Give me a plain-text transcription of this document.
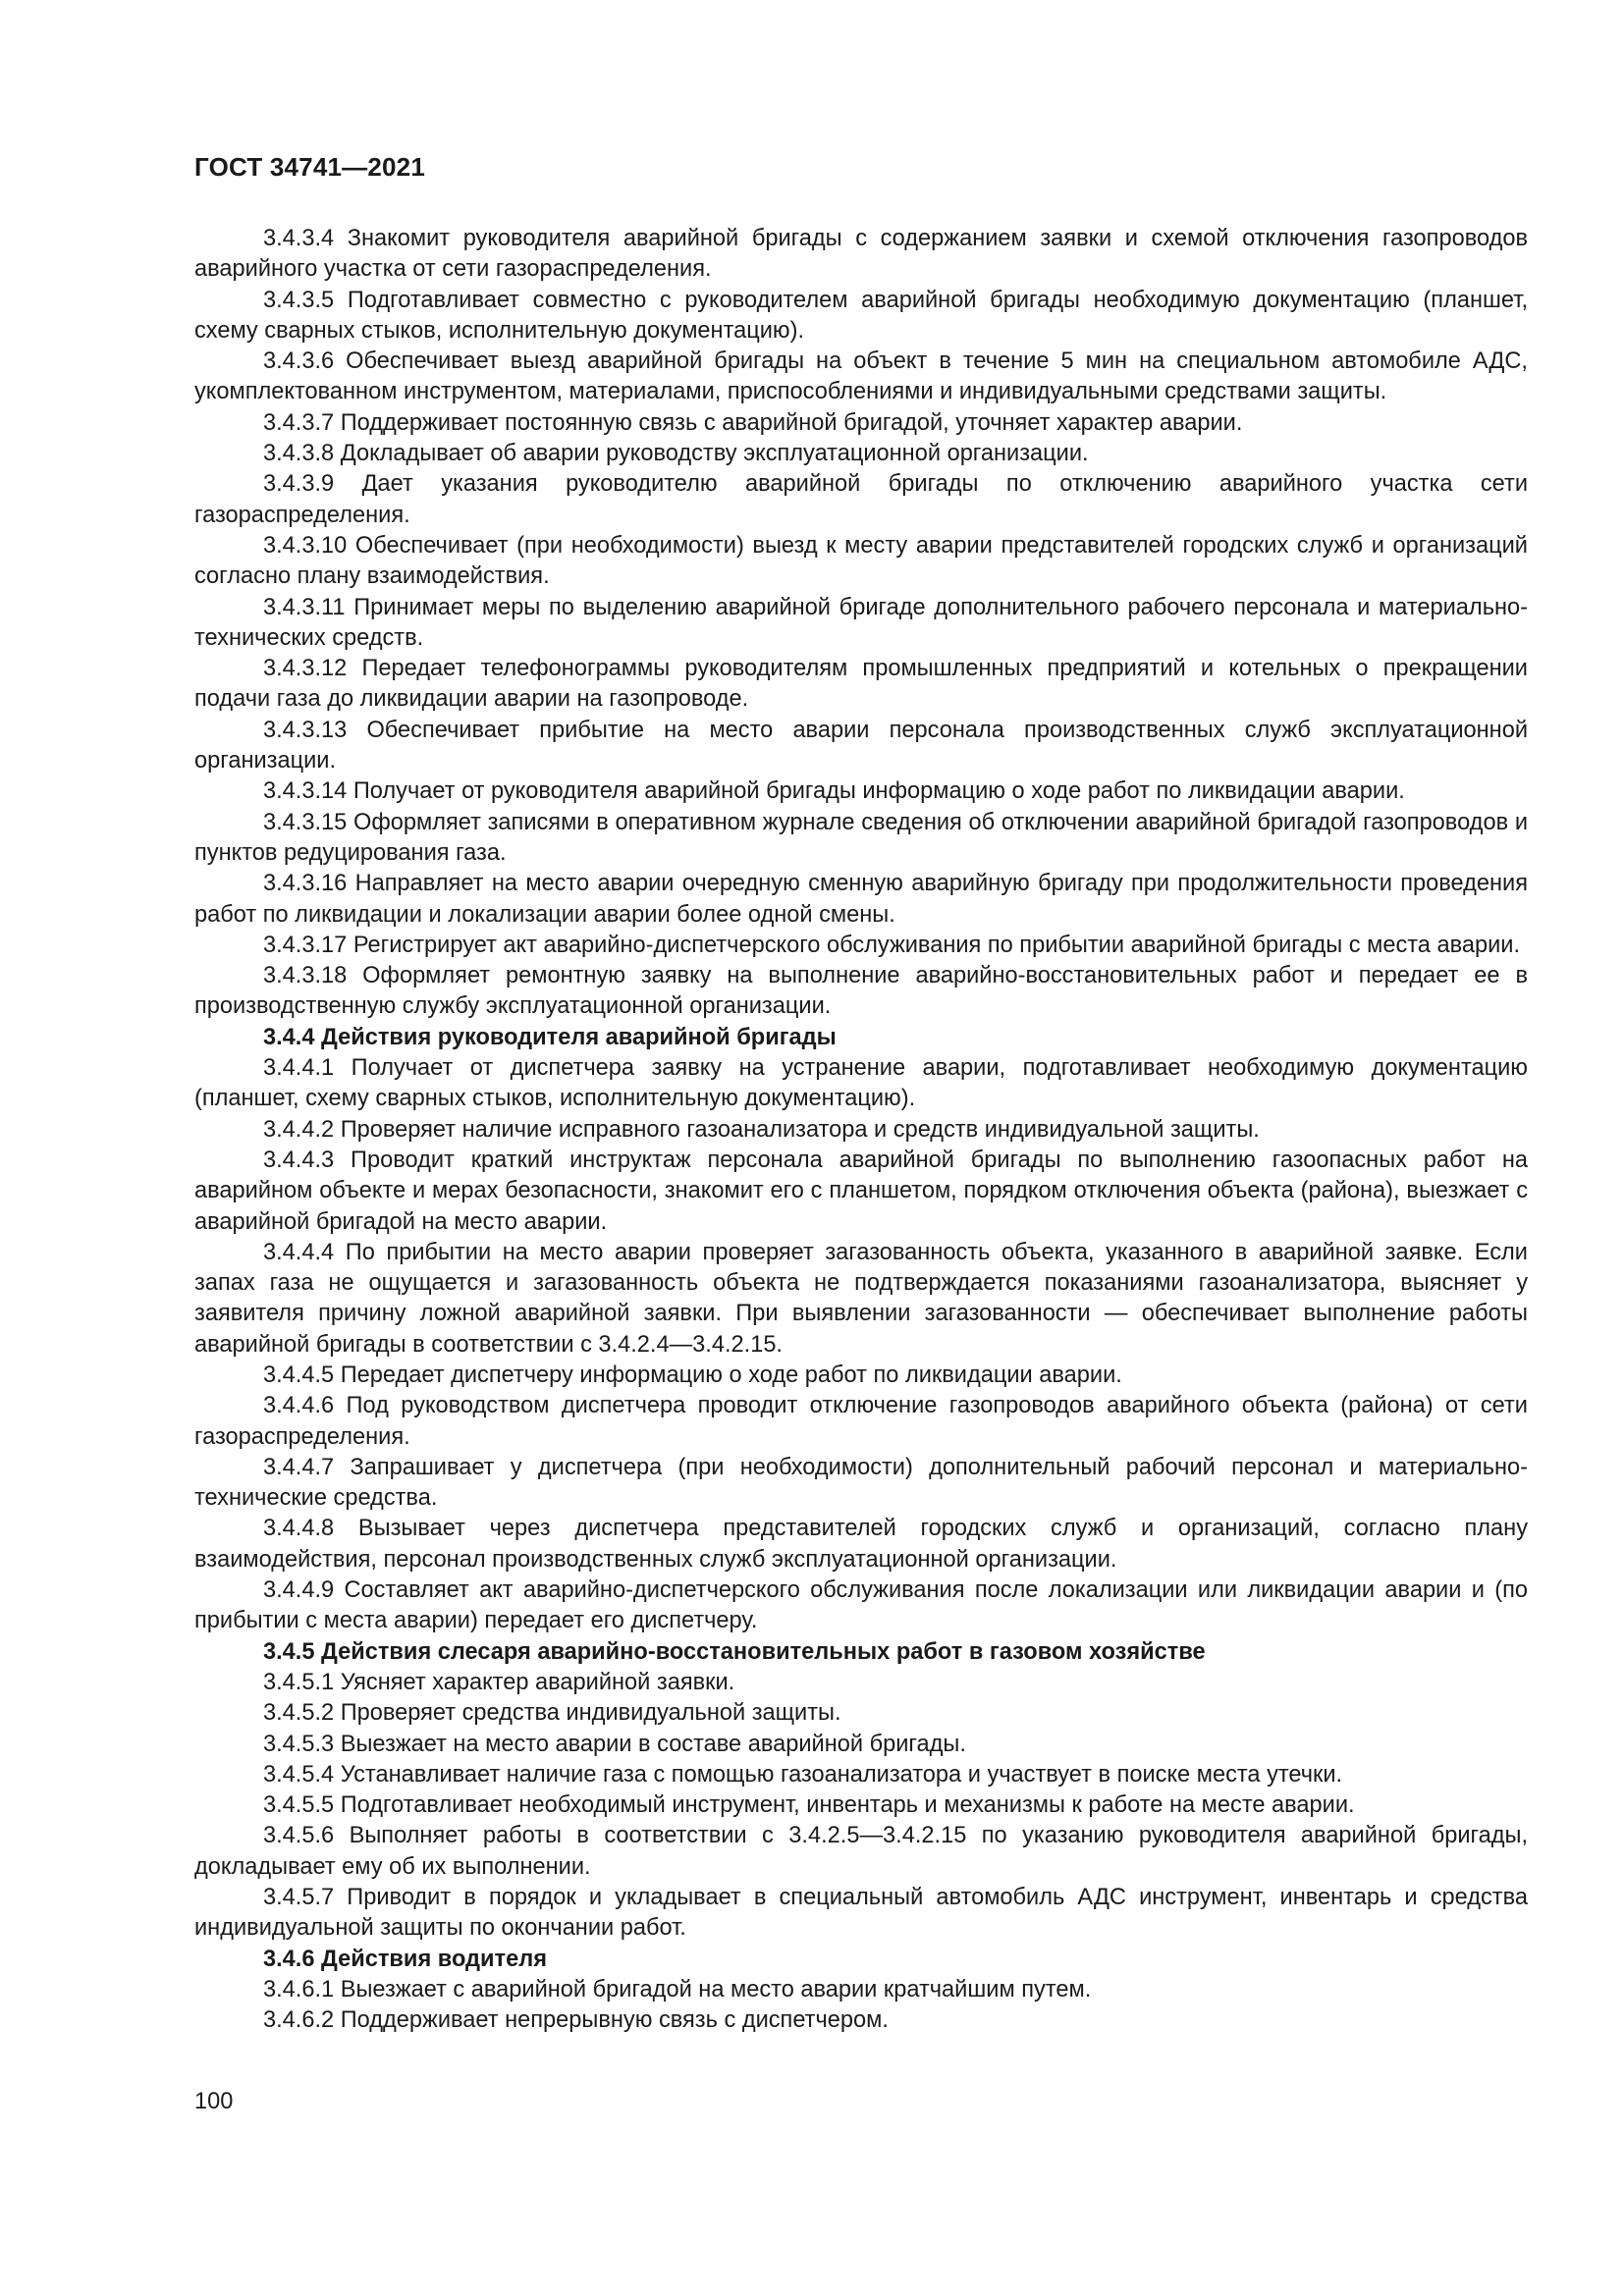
ГОСТ 34741—2021

3.4.3.4 Знакомит руководителя аварийной бригады с содержанием заявки и схемой отключения газопроводов аварийного участка от сети газораспределения.

3.4.3.5 Подготавливает совместно с руководителем аварийной бригады необходимую документацию (планшет, схему сварных стыков, исполнительную документацию).

3.4.3.6 Обеспечивает выезд аварийной бригады на объект в течение 5 мин на специальном автомобиле АДС, укомплектованном инструментом, материалами, приспособлениями и индивидуальными средствами защиты.

3.4.3.7 Поддерживает постоянную связь с аварийной бригадой, уточняет характер аварии.

3.4.3.8 Докладывает об аварии руководству эксплуатационной организации.

3.4.3.9 Дает указания руководителю аварийной бригады по отключению аварийного участка сети газораспределения.

3.4.3.10 Обеспечивает (при необходимости) выезд к месту аварии представителей городских служб и организаций согласно плану взаимодействия.

3.4.3.11 Принимает меры по выделению аварийной бригаде дополнительного рабочего персонала и материально-технических средств.

3.4.3.12 Передает телефонограммы руководителям промышленных предприятий и котельных о прекращении подачи газа до ликвидации аварии на газопроводе.

3.4.3.13 Обеспечивает прибытие на место аварии персонала производственных служб эксплуатационной организации.

3.4.3.14 Получает от руководителя аварийной бригады информацию о ходе работ по ликвидации аварии.

3.4.3.15 Оформляет записями в оперативном журнале сведения об отключении аварийной бригадой газопроводов и пунктов редуцирования газа.

3.4.3.16 Направляет на место аварии очередную сменную аварийную бригаду при продолжительности проведения работ по ликвидации и локализации аварии более одной смены.

3.4.3.17 Регистрирует акт аварийно-диспетчерского обслуживания по прибытии аварийной бригады с места аварии.

3.4.3.18 Оформляет ремонтную заявку на выполнение аварийно-восстановительных работ и передает ее в производственную службу эксплуатационной организации.

3.4.4 Действия руководителя аварийной бригады

3.4.4.1 Получает от диспетчера заявку на устранение аварии, подготавливает необходимую документацию (планшет, схему сварных стыков, исполнительную документацию).

3.4.4.2 Проверяет наличие исправного газоанализатора и средств индивидуальной защиты.

3.4.4.3 Проводит краткий инструктаж персонала аварийной бригады по выполнению газоопасных работ на аварийном объекте и мерах безопасности, знакомит его с планшетом, порядком отключения объекта (района), выезжает с аварийной бригадой на место аварии.

3.4.4.4 По прибытии на место аварии проверяет загазованность объекта, указанного в аварийной заявке. Если запах газа не ощущается и загазованность объекта не подтверждается показаниями газоанализатора, выясняет у заявителя причину ложной аварийной заявки. При выявлении загазованности — обеспечивает выполнение работы аварийной бригады в соответствии с 3.4.2.4—3.4.2.15.

3.4.4.5 Передает диспетчеру информацию о ходе работ по ликвидации аварии.

3.4.4.6 Под руководством диспетчера проводит отключение газопроводов аварийного объекта (района) от сети газораспределения.

3.4.4.7 Запрашивает у диспетчера (при необходимости) дополнительный рабочий персонал и материально-технические средства.

3.4.4.8 Вызывает через диспетчера представителей городских служб и организаций, согласно плану взаимодействия, персонал производственных служб эксплуатационной организации.

3.4.4.9 Составляет акт аварийно-диспетчерского обслуживания после локализации или ликвидации аварии и (по прибытии с места аварии) передает его диспетчеру.

3.4.5 Действия слесаря аварийно-восстановительных работ в газовом хозяйстве

3.4.5.1 Уясняет характер аварийной заявки.

3.4.5.2 Проверяет средства индивидуальной защиты.

3.4.5.3 Выезжает на место аварии в составе аварийной бригады.

3.4.5.4 Устанавливает наличие газа с помощью газоанализатора и участвует в поиске места утечки.

3.4.5.5 Подготавливает необходимый инструмент, инвентарь и механизмы к работе на месте аварии.

3.4.5.6 Выполняет работы в соответствии с 3.4.2.5—3.4.2.15 по указанию руководителя аварийной бригады, докладывает ему об их выполнении.

3.4.5.7 Приводит в порядок и укладывает в специальный автомобиль АДС инструмент, инвентарь и средства индивидуальной защиты по окончании работ.

3.4.6 Действия водителя

3.4.6.1 Выезжает с аварийной бригадой на место аварии кратчайшим путем.

3.4.6.2 Поддерживает непрерывную связь с диспетчером.

100
